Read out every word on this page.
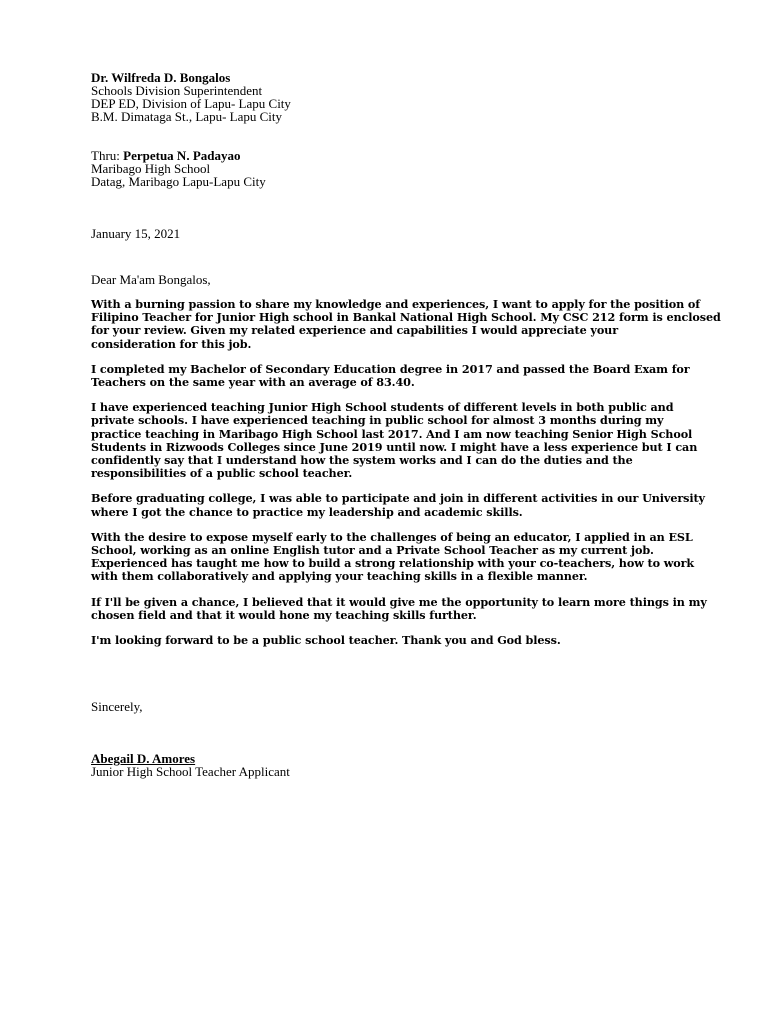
Dr. Wilfreda D. Bongalos
Schools Division Superintendent
DEP ED, Division of Lapu- Lapu City
B.M. Dimataga St., Lapu- Lapu City
Thru: Perpetua N. Padayao
Maribago High School
Datag, Maribago Lapu-Lapu City
January 15, 2021
Dear Ma'am Bongalos,
With a burning passion to share my knowledge and experiences, I want to apply for the position of
Filipino Teacher for Junior High school in Bankal National High School. My CSC 212 form is enclosed
for your review. Given my related experience and capabilities I would appreciate your
consideration for this job.
I completed my Bachelor of Secondary Education degree in 2017 and passed the Board Exam for
Teachers on the same year with an average of 83.40.
I have experienced teaching Junior High School students of different levels in both public and
private schools. I have experienced teaching in public school for almost 3 months during my
practice teaching in Maribago High School last 2017. And I am now teaching Senior High School
Students in Rizwoods Colleges since June 2019 until now. I might have a less experience but I can
confidently say that I understand how the system works and I can do the duties and the
responsibilities of a public school teacher.
Before graduating college, I was able to participate and join in different activities in our University
where I got the chance to practice my leadership and academic skills.
With the desire to expose myself early to the challenges of being an educator, I applied in an ESL
School, working as an online English tutor and a Private School Teacher as my current job.
Experienced has taught me how to build a strong relationship with your co-teachers, how to work
with them collaboratively and applying your teaching skills in a flexible manner.
If I'll be given a chance, I believed that it would give me the opportunity to learn more things in my
chosen field and that it would hone my teaching skills further.
I'm looking forward to be a public school teacher. Thank you and God bless.
Sincerely,
Abegail D. Amores
Junior High School Teacher Applicant
